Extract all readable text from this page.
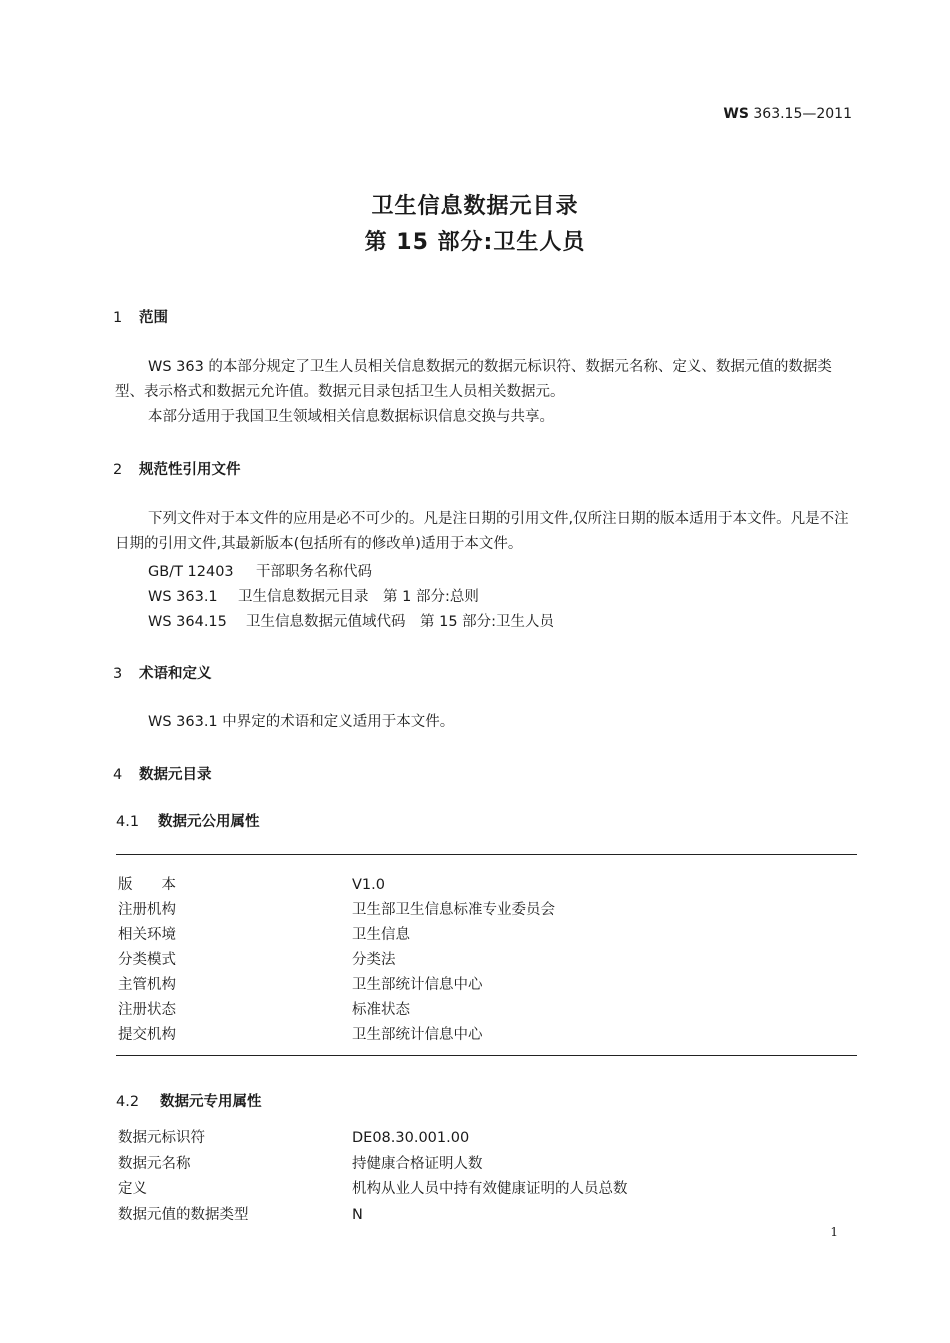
WS 363.15—2011
卫生信息数据元目录
第 15 部分:卫生人员
1 范围

WS 363 的本部分规定了卫生人员相关信息数据元的数据元标识符、数据元名称、定义、数据元值的数据类型、表示格式和数据元允许值。数据元目录包括卫生人员相关数据元。

本部分适用于我国卫生领域相关信息数据标识信息交换与共享。

2 规范性引用文件

下列文件对于本文件的应用是必不可少的。凡是注日期的引用文件,仅所注日期的版本适用于本文件。凡是不注日期的引用文件,其最新版本(包括所有的修改单)适用于本文件。

GB/T 12403 干部职务名称代码
WS 363.1 卫生信息数据元目录　第 1 部分:总则
WS 364.15 卫生信息数据元值域代码　第 15 部分:卫生人员
3 术语和定义

WS 363.1 中界定的术语和定义适用于本文件。

4 数据元目录
4.1 数据元公用属性
版　　本	V1.0
注册机构	卫生部卫生信息标准专业委员会
相关环境	卫生信息
分类模式	分类法
主管机构	卫生部统计信息中心
注册状态	标准状态
提交机构	卫生部统计信息中心
4.2 数据元专用属性
数据元标识符	DE08.30.001.00
数据元名称	持健康合格证明人数
定义	机构从业人员中持有效健康证明的人员总数
数据元值的数据类型	N
1
